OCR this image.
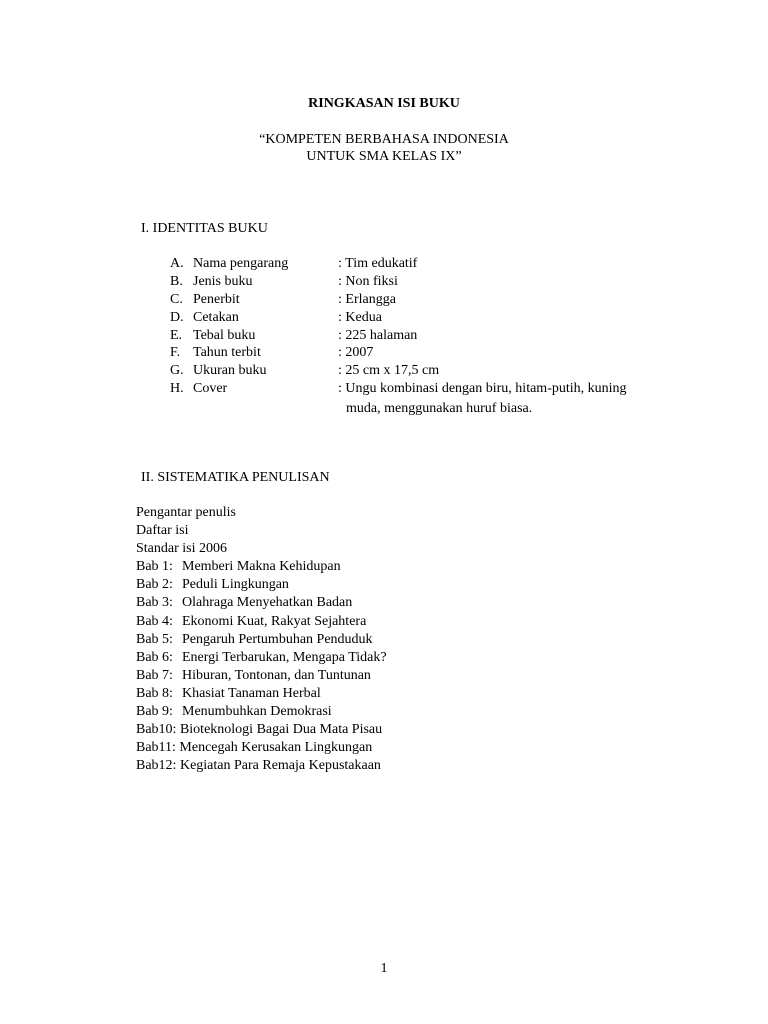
RINGKASAN ISI BUKU
“KOMPETEN BERBAHASA INDONESIA
UNTUK SMA KELAS IX”
I. IDENTITAS BUKU
A. Nama pengarang	: Tim edukatif
B. Jenis buku	: Non fiksi
C. Penerbit	: Erlangga
D. Cetakan	: Kedua
E. Tebal buku	: 225 halaman
F. Tahun terbit	: 2007
G. Ukuran buku	: 25 cm x 17,5 cm
H. Cover	: Ungu kombinasi dengan biru, hitam-putih, kuning
muda, menggunakan huruf biasa.
II. SISTEMATIKA PENULISAN
Pengantar penulis
Daftar isi
Standar isi 2006
Bab 1: Memberi Makna Kehidupan
Bab 2: Peduli Lingkungan
Bab 3: Olahraga Menyehatkan Badan
Bab 4: Ekonomi Kuat, Rakyat Sejahtera
Bab 5: Pengaruh Pertumbuhan Penduduk
Bab 6: Energi Terbarukan, Mengapa Tidak?
Bab 7: Hiburan, Tontonan, dan Tuntunan
Bab 8: Khasiat Tanaman Herbal
Bab 9: Menumbuhkan Demokrasi
Bab10: Bioteknologi Bagai Dua Mata Pisau
Bab11: Mencegah Kerusakan Lingkungan
Bab12: Kegiatan Para Remaja Kepustakaan
1
